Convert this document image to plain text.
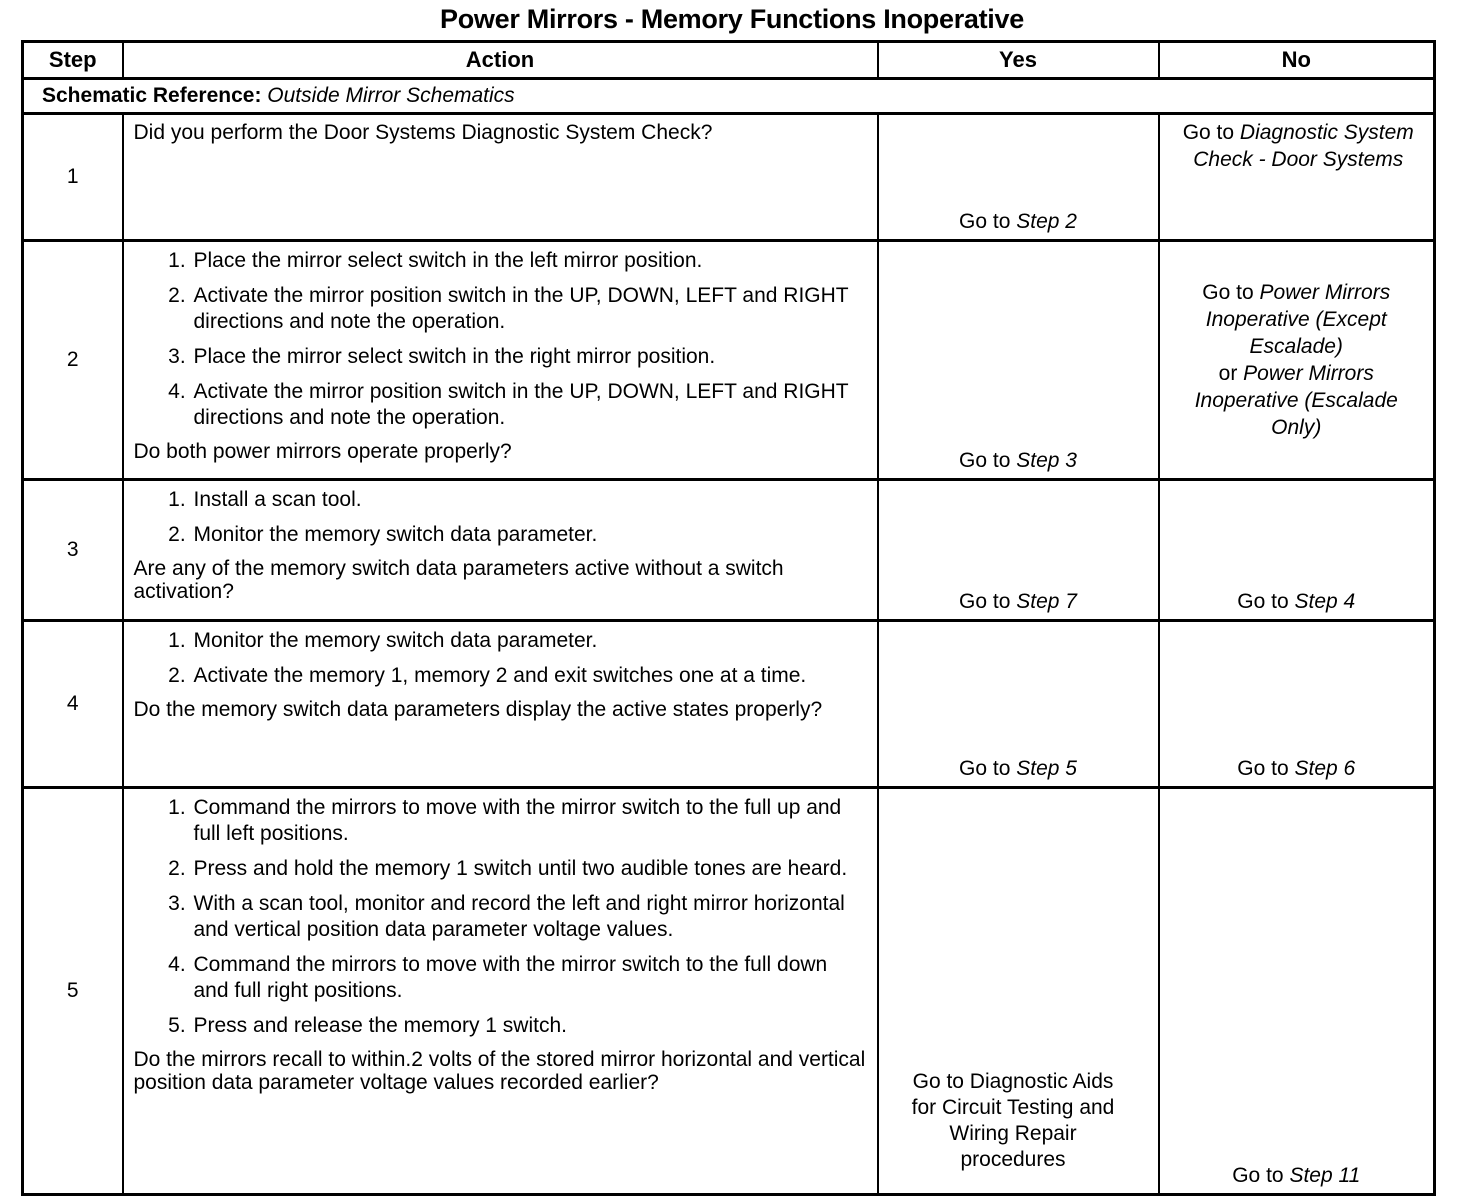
Power Mirrors - Memory Functions Inoperative
Step	Action	Yes	No
Schematic Reference: Outside Mirror Schematics			
1	Did you perform the Door Systems Diagnostic System Check?	Go to Step 2	Go to Diagnostic System Check - Door Systems
2	
1. Place the mirror select switch in the left mirror position.
2. Activate the mirror position switch in the UP, DOWN, LEFT and RIGHT directions and note the operation.
3. Place the mirror select switch in the right mirror position.
4. Activate the mirror position switch in the UP, DOWN, LEFT and RIGHT directions and note the operation.
Do both power mirrors operate properly?	Go to Step 3	Go to Power Mirrors Inoperative (Except Escalade)
or Power Mirrors Inoperative (Escalade Only)
3	
1. Install a scan tool.
2. Monitor the memory switch data parameter.
Are any of the memory switch data parameters active without a switch activation?	Go to Step 7	Go to Step 4
4	
1. Monitor the memory switch data parameter.
2. Activate the memory 1, memory 2 and exit switches one at a time.
Do the memory switch data parameters display the active states properly?
	Go to Step 5	Go to Step 6
5	
1. Command the mirrors to move with the mirror switch to the full up and full left positions.
2. Press and hold the memory 1 switch until two audible tones are heard.
3. With a scan tool, monitor and record the left and right mirror horizontal and vertical position data parameter voltage values.
4. Command the mirrors to move with the mirror switch to the full down and full right positions.
5. Press and release the memory 1 switch.
Do the mirrors recall to within.2 volts of the stored mirror horizontal and vertical position data parameter voltage values recorded earlier?	Go to Diagnostic Aids for Circuit Testing and Wiring Repair procedures	Go to Step 11
